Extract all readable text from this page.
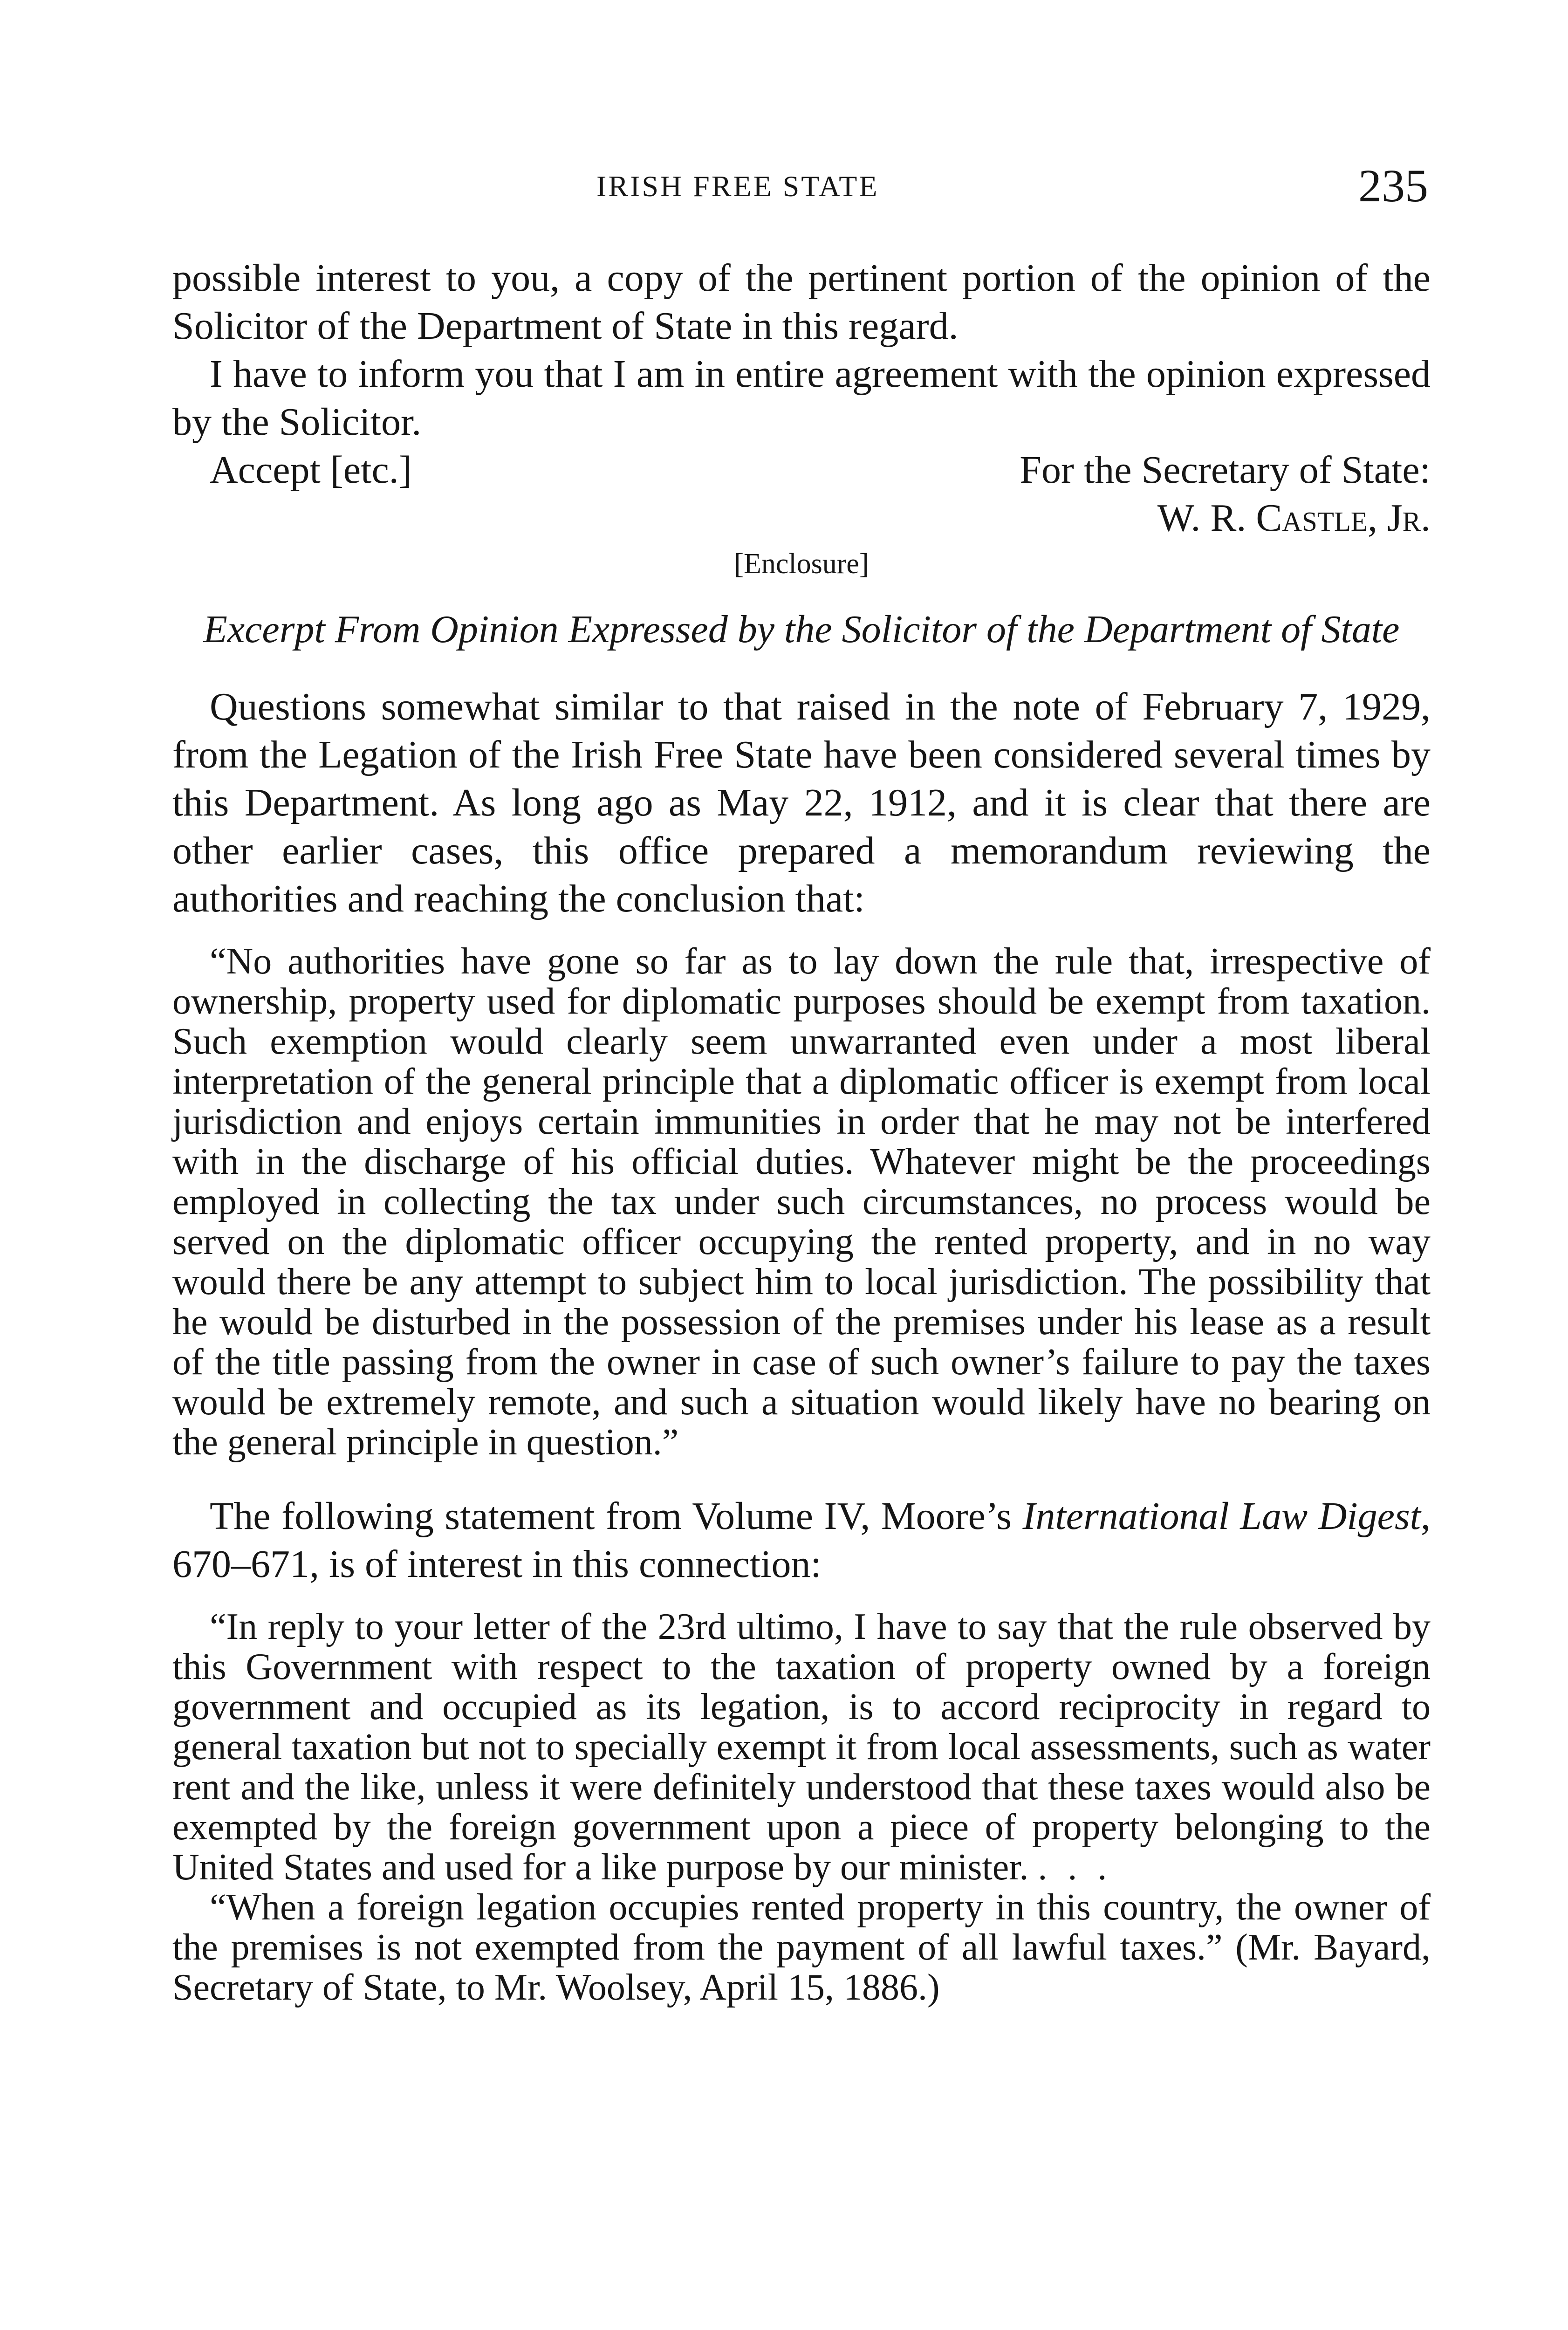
IRISH FREE STATE	235

possible interest to you, a copy of the pertinent portion of the opinion of the Solicitor of the Department of State in this regard.

I have to inform you that I am in entire agreement with the opinion expressed by the Solicitor.

Accept [etc.]	For the Secretary of State:
W. R. Castle, Jr.
[Enclosure]
Excerpt From Opinion Expressed by the Solicitor of the Department of State

Questions somewhat similar to that raised in the note of February 7, 1929, from the Legation of the Irish Free State have been considered several times by this Department. As long ago as May 22, 1912, and it is clear that there are other earlier cases, this office prepared a memorandum reviewing the authorities and reaching the conclusion that:

“No authorities have gone so far as to lay down the rule that, irrespective of ownership, property used for diplomatic purposes should be exempt from taxation. Such exemption would clearly seem unwarranted even under a most liberal interpretation of the general principle that a diplomatic officer is exempt from local jurisdiction and enjoys certain immunities in order that he may not be interfered with in the discharge of his official duties. Whatever might be the proceedings employed in collecting the tax under such circumstances, no process would be served on the diplomatic officer occupying the rented property, and in no way would there be any attempt to subject him to local jurisdiction. The possibility that he would be disturbed in the possession of the premises under his lease as a result of the title passing from the owner in case of such owner’s failure to pay the taxes would be extremely remote, and such a situation would likely have no bearing on the general principle in question.”

The following statement from Volume IV, Moore’s International Law Digest, 670–671, is of interest in this connection:

“In reply to your letter of the 23rd ultimo, I have to say that the rule observed by this Government with respect to the taxation of property owned by a foreign government and occupied as its legation, is to accord reciprocity in regard to general taxation but not to specially exempt it from local assessments, such as water rent and the like, unless it were definitely understood that these taxes would also be exempted by the foreign government upon a piece of property belonging to the United States and used for a like purpose by our minister. . . .

“When a foreign legation occupies rented property in this country, the owner of the premises is not exempted from the payment of all lawful taxes.” (Mr. Bayard, Secretary of State, to Mr. Woolsey, April 15, 1886.)
